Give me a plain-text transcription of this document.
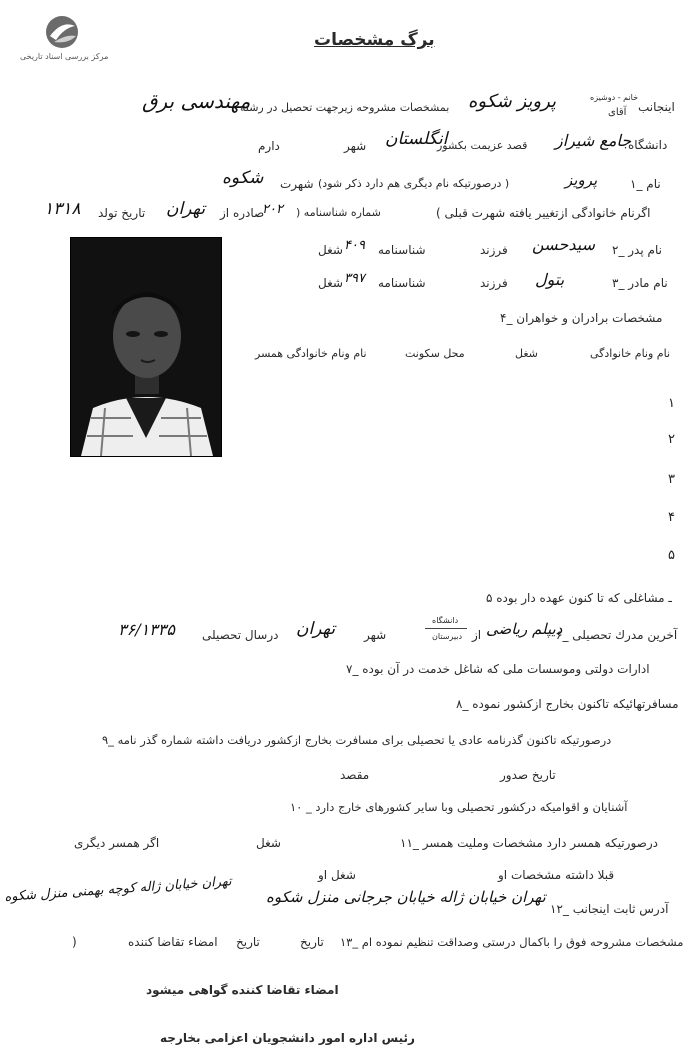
مرکز بررسی اسناد تاریخی
برگ مشخصات
خانم - دوشیزه
آقای اینجانب
پرویز شکوه
بمشخصات مشروحه زیرجهت تحصیل در رشته
مهندسی برق
دانشگاه
جامع شیراز
قصد عزیمت بکشور
انگلستان
شهر
دارم
۱_ نام
پرویز
(درصورتیکه نام دیگری هم دارد ذکر شود )
شهرت
شکوه
( اگرنام خانوادگی ازتغییر یافته شهرت قبلی
) شماره شناسنامه
۲۰۲
صادره از
تهران
تاریخ تولد
۱۳۱۸
۲_ نام پدر
سیدحسن
فرزند
شناسنامه
۴۰۹
شغل
۳_ نام مادر
بتول
فرزند
شناسنامه
۳۹۷
شغل
۴_ مشخصات برادران و خواهران
نام ونام خانوادگی
شغل
محل سکونت
نام ونام خانوادگی همسر
۱
۲
۳
۴
۵
۵ ـ مشاغلی که تا کنون عهده دار بوده
۶_ آخرین مدرك تحصیلی
دیپلم ریاضی
از
دانشگاه
دبیرستان
شهر
تهران
درسال تحصیلی
۳۶/۱۳۳۵
۷_ ادارات دولتی وموسسات ملی که شاغل خدمت در آن بوده
۸_ مسافرتهائیکه تاکنون بخارج ازکشور نموده
۹_ درصورتیکه تاکنون گذرنامه عادی یا تحصیلی برای مسافرت بخارج ازکشور دریافت داشته شماره گذر نامه
تاریخ صدور
مقصد
۱۰ _ آشنایان و اقوامیکه درکشور تحصیلی وبا سایر کشورهای خارج دارد
۱۱_ درصورتیکه همسر دارد مشخصات وملیت همسر
شغل
اگر همسر دیگری
قبلا داشته مشخصات او
شغل او
۱۲_ آدرس ثابت اینجانب
تهران خیابان ژاله خیابان جرجانی منزل شکوه
تهران خیابان ژاله کوچه بهمنی منزل شکوه
۱۳_ مشخصات مشروحه فوق را باکمال درستی وصداقت تنظیم نموده ام
تاریخ
تاریخ
امضاء تقاضا کننده
)
امضاء تقاضا کننده گواهی میشود
رئیس اداره امور دانشجویان اعزامی بخارجه
